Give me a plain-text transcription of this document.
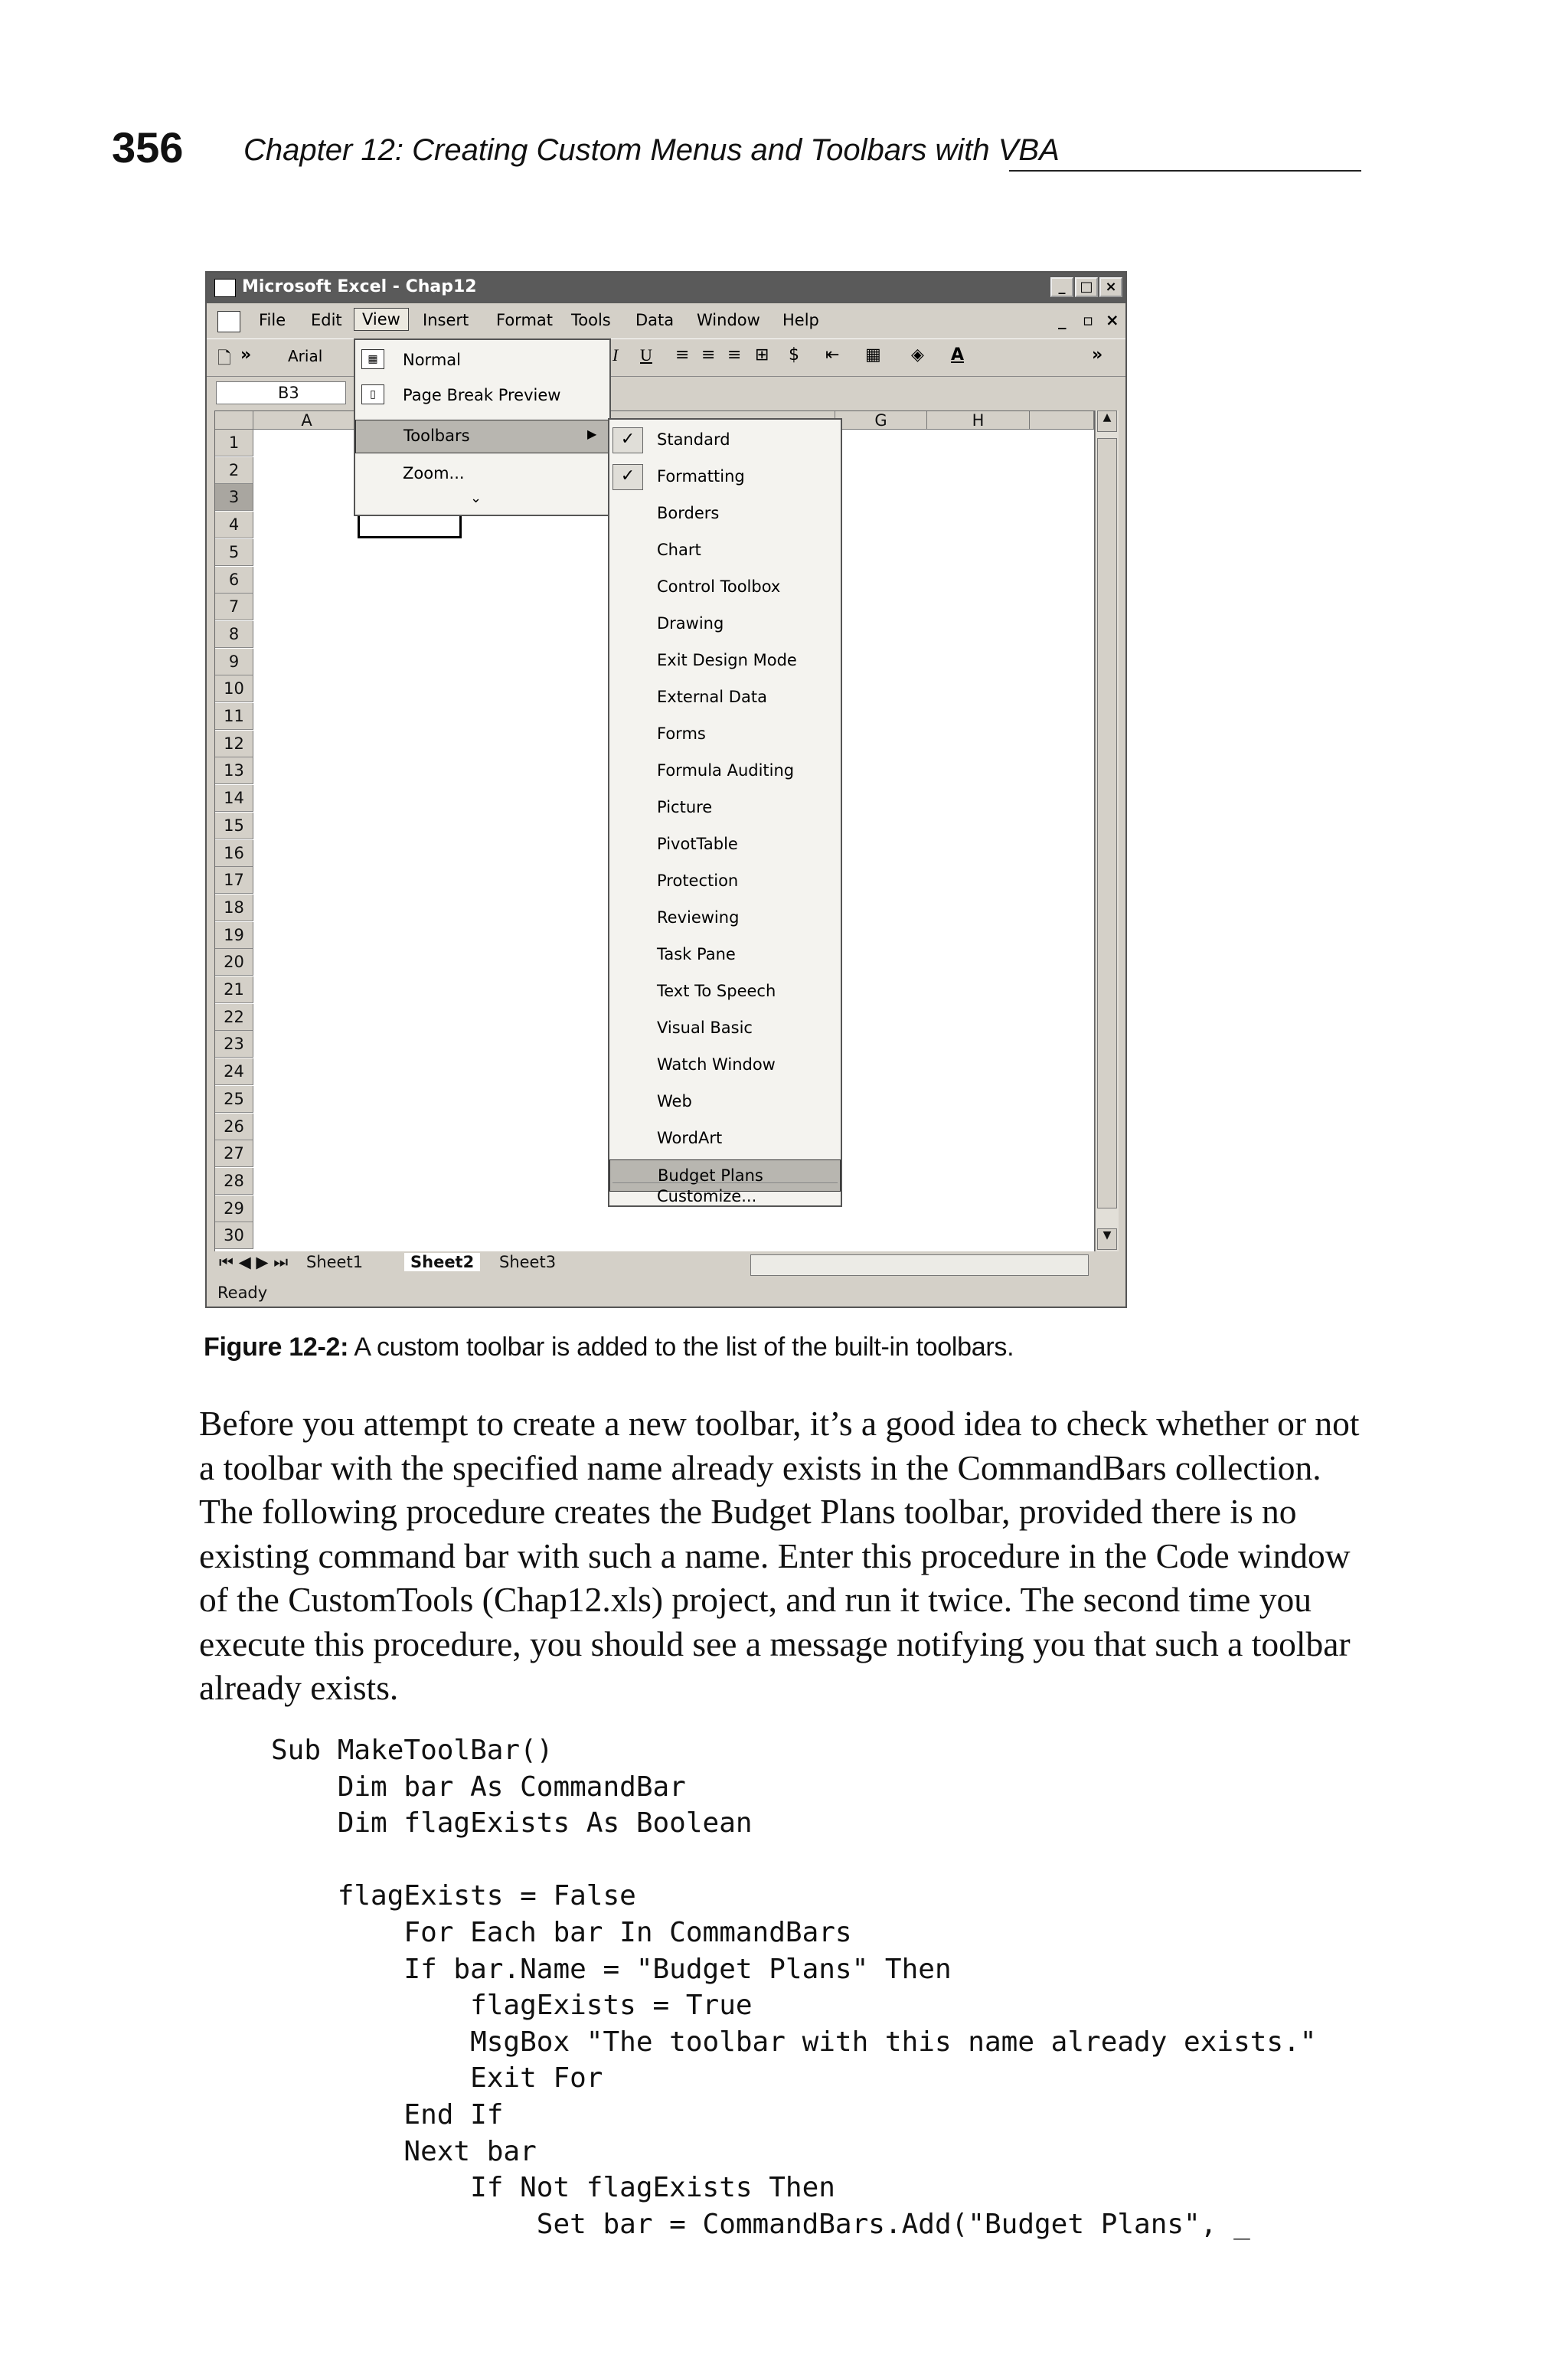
356 Chapter 12: Creating Custom Menus and Toolbars with VBA
Microsoft Excel - Chap12	_	□ ×
File Edit	View	Insert Format Tools Data Window Help	_ ▫ ×
🗋 » Arial	I U ≡ ≡ ≡ ⊞ $ ⇤ ▦ ◈ A	»
B3
A	G	H
1
2
3
4
5
6
7
8
9
10
11
12
13
14
15
16
17
18
19
20
21
22
23
24
25
26
27
28
29
30
▲
▼
⏮ ◀ ▶ ⏭ Sheet1	Sheet2	Sheet3
Ready
▦	Normal
▯	Page Break Preview
Toolbars	▶
Zoom...
⌄
✓	Standard
✓	Formatting
Borders
Chart
Control Toolbox
Drawing
Exit Design Mode
External Data
Forms
Formula Auditing
Picture
PivotTable
Protection
Reviewing
Task Pane
Text To Speech
Visual Basic
Watch Window
Web
WordArt
Budget Plans
Customize...
Figure 12-2: A custom toolbar is added to the list of the built-in toolbars.
Before you attempt to create a new toolbar, it’s a good idea to check whether or not a toolbar with the specified name already exists in the CommandBars collection. The following procedure creates the Budget Plans toolbar, provided there is no existing command bar with such a name. Enter this procedure in the Code window of the CustomTools (Chap12.xls) project, and run it twice. The second time you execute this procedure, you should see a message notifying you that such a toolbar already exists.
Sub MakeToolBar()
Dim bar As CommandBar
Dim flagExists As Boolean

flagExists = False
For Each bar In CommandBars
If bar.Name = "Budget Plans" Then
flagExists = True
MsgBox "The toolbar with this name already exists."
Exit For
End If
Next bar
If Not flagExists Then
Set bar = CommandBars.Add("Budget Plans", _
